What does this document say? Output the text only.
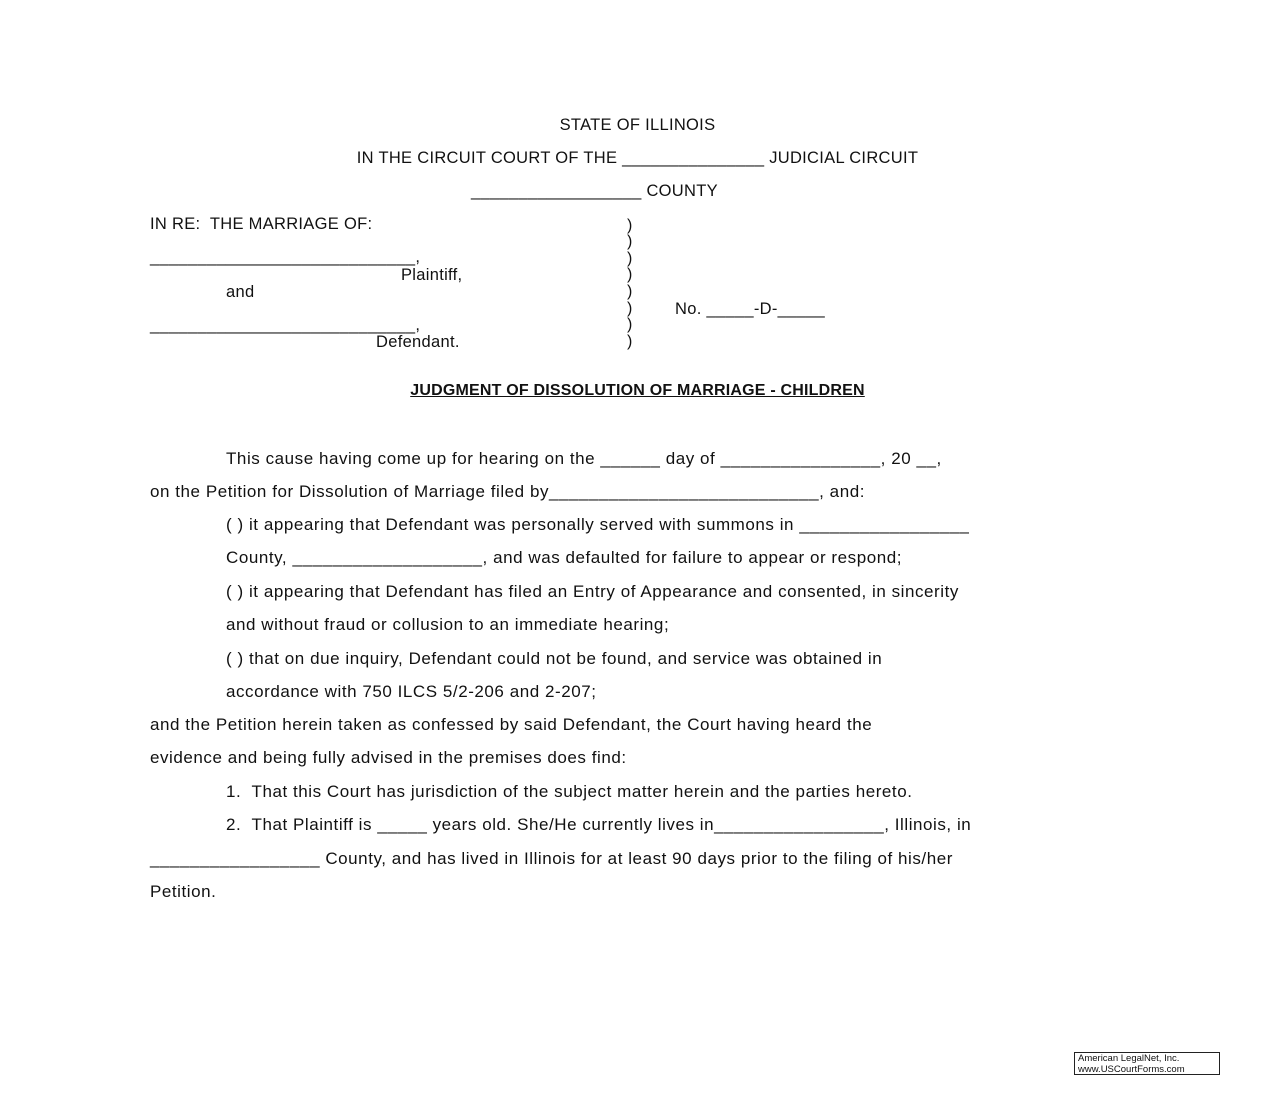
STATE OF ILLINOIS
IN THE CIRCUIT COURT OF THE _______________ JUDICIAL CIRCUIT
__________________ COUNTY
IN RE:  THE MARRIAGE OF:
____________________________,
Plaintiff,
and
____________________________,
Defendant.
)
)
)
)
)
)
)
)
No. _____-D-_____
JUDGMENT OF DISSOLUTION OF MARRIAGE - CHILDREN
This cause having come up for hearing on the ______ day of ________________, 20 __,
on the Petition for Dissolution of Marriage filed by___________________________, and:
( ) it appearing that Defendant was personally served with summons in _________________
County, ___________________, and was defaulted for failure to appear or respond;
( ) it appearing that Defendant has filed an Entry of Appearance and consented, in sincerity
and without fraud or collusion to an immediate hearing;
( ) that on due inquiry, Defendant could not be found, and service was obtained in
accordance with 750 ILCS 5/2-206 and 2-207;
and the Petition herein taken as confessed by said Defendant, the Court having heard the
evidence and being fully advised in the premises does find:
1.  That this Court has jurisdiction of the subject matter herein and the parties hereto.
2.  That Plaintiff is _____ years old. She/He currently lives in_________________, Illinois, in
_________________ County, and has lived in Illinois for at least 90 days prior to the filing of his/her
Petition.
American LegalNet, Inc.
www.USCourtForms.com
